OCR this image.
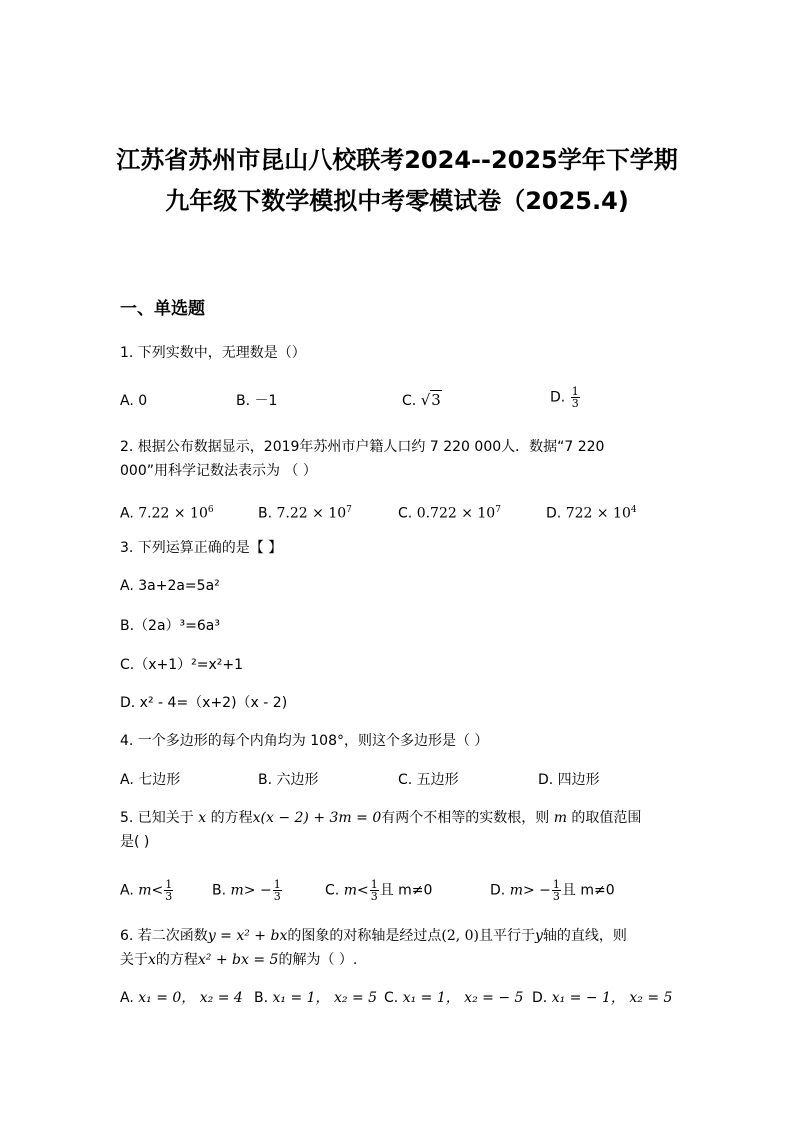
江苏省苏州市昆山八校联考2024--2025学年下学期
九年级下数学模拟中考零模试卷（2025.4)
一、单选题
1. 下列实数中，无理数是（）
A. 0	B. －1	C. √3	D. $\frac{1}{3}$
2. 根据公布数据显示，2019年苏州市户籍人口约 7 220 000人．数据“7 220
000”用科学记数法表示为 （ ）
A. $7.22 \times 10^6$	B. $7.22 \times 10^7$	C. $0.722 \times 10^7$	D. $722 \times 10^4$
3. 下列运算正确的是【 】
A. 3a+2a=5a²
B.（2a）³=6a³
C.（x+1）²=x²+1
D. x² - 4=（x+2)（x - 2)
4. 一个多边形的每个内角均为 108°，则这个多边形是（ ）
A. 七边形	B. 六边形	C. 五边形	D. 四边形
5. 已知关于 x 的方程x(x − 2) + 3m = 0有两个不相等的实数根，则 m 的取值范围
是( )
A. $m< \frac{1}{3}$	B. $m> - \frac{1}{3}$	C. $m< \frac{1}{3}$ 且 m≠0	D. $m> - \frac{1}{3}$ 且 m≠0
6. 若二次函数y = x² + bx的图象的对称轴是经过点(2, 0)且平行于y轴的直线，则
关于x的方程x² + bx = 5的解为（ ）.
A. x₁ = 0， x₂ = 4 B. x₁ = 1， x₂ = 5 C. x₁ = 1， x₂ = − 5 D. x₁ = − 1， x₂ = 5
